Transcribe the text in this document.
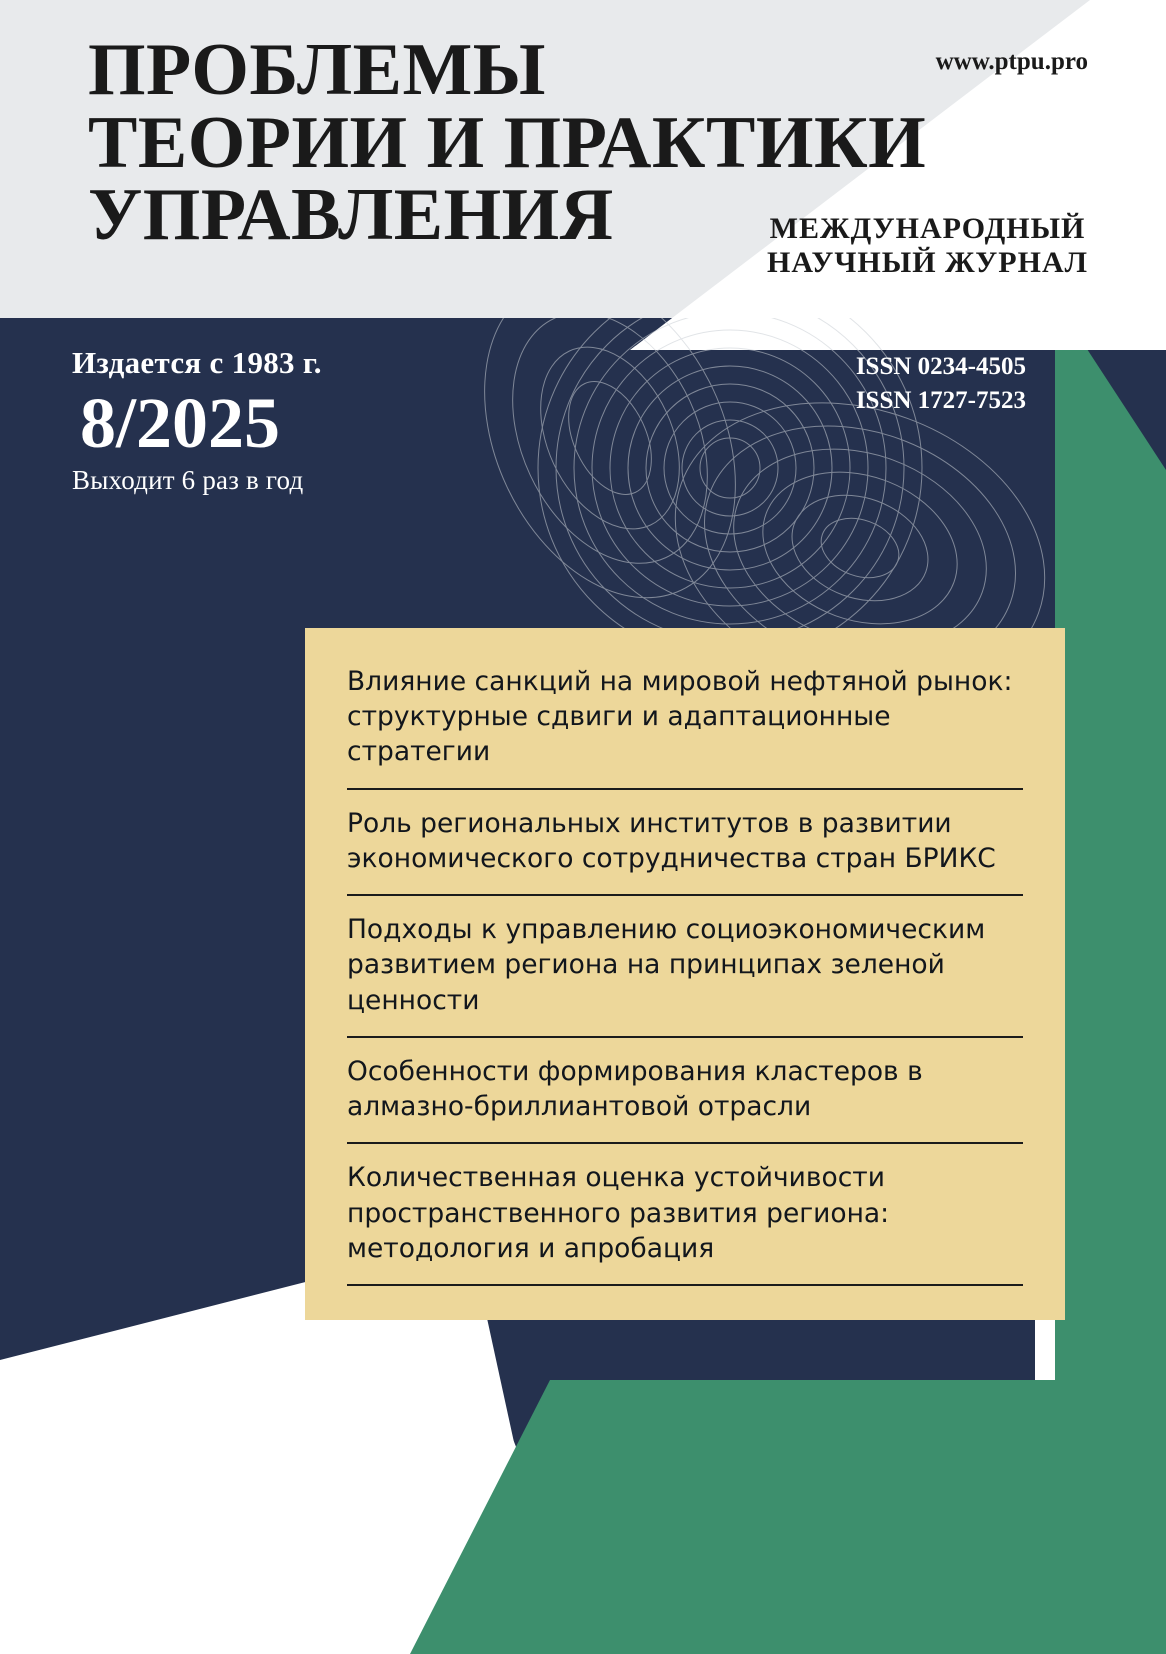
ПРОБЛЕМЫ
ТЕОРИИ И ПРАКТИКИ
УПРАВЛЕНИЯ	МЕЖДУНАРОДНЫЙ
НАУЧНЫЙ ЖУРНАЛ
www.ptpu.pro
Издается с 1983 г.
8/2025
Выходит 6 раз в год
ISSN 0234-4505
ISSN 1727-7523
Влияние санкций на мировой нефтяной рынок: структурные сдвиги и адаптационные стратегии
Роль региональных институтов в развитии экономического сотрудничества стран БРИКС
Подходы к управлению социоэкономическим развитием региона на принципах зеленой ценности
Особенности формирования кластеров в алмазно-бриллиантовой отрасли
Количественная оценка устойчивости пространственного развития региона: методология и апробация
